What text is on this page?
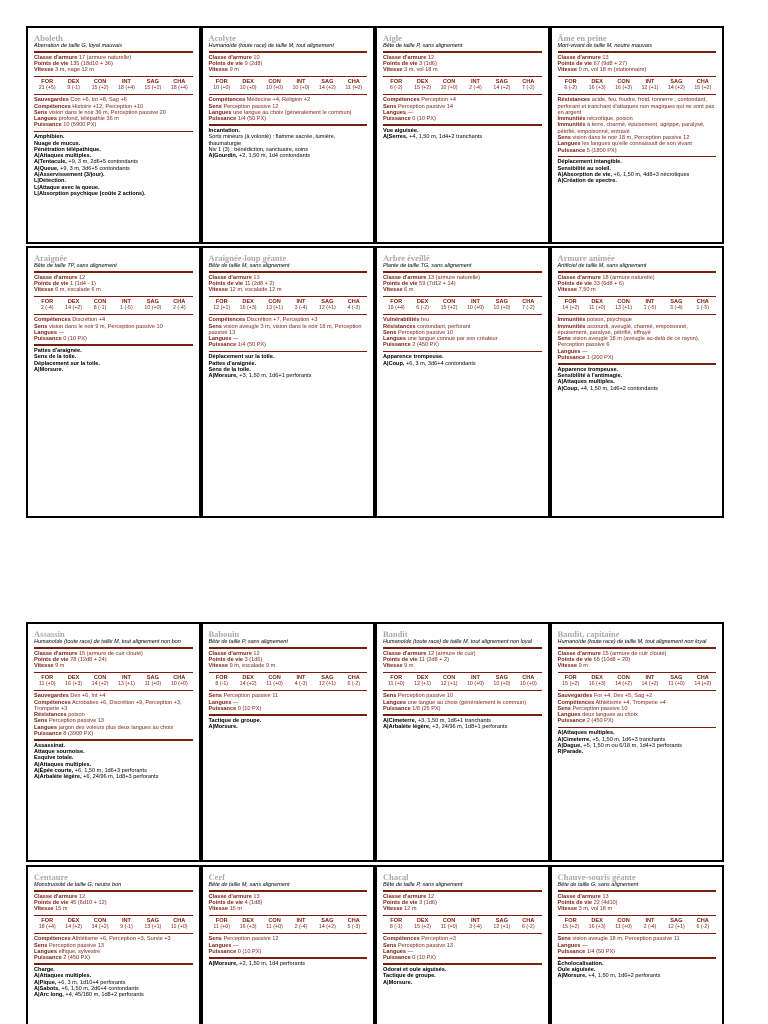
Aboleth
Aberration de taille G, loyal mauvais
Classe d'armure 17 (armure naturelle)
Points de vie 135 (18d10 + 36)
Vitesse 3 m, nage 12 m
FOR	DEX	CON	INT	SAG	CHA
21 (+5)	9 (-1)	15 (+2)	18 (+4)	15 (+2)	18 (+4)
Sauvegardes Con +6, Int +8, Sag +6
Compétences Histoire +12, Perception +10
Sens vision dans le noir 36 m, Perception passive 20
Langues profond, télépathie 36 m
Puissance 10 (5900 PX)
Amphibien.
Nuage de mucus.
Pénétration télépathique.
A|Attaques multiples.
A|Tentacule, +9, 3 m, 2d6+5 contondants
A|Queue, +9, 3 m, 3d6+5 contondants
A|Asservissement (3/jour).
L|Détection.
L|Attaque avec la queue.
L|Absorption psychique (coûte 2 actions).
Acolyte
Humanoïde (toute race) de taille M, tout alignement
Classe d'armure 10
Points de vie 9 (2d8)
Vitesse 9 m
FOR	DEX	CON	INT	SAG	CHA
10 (+0)	10 (+0)	10 (+0)	10 (+0)	14 (+2)	11 (+0)
Compétences Médecine +4, Religion +2
Sens Perception passive 12
Langues une langue au choix (généralement le commun)
Puissance 1/4 (50 PX)
Incantation.
Sorts mineurs (à volonté) : flamme sacrée, lumière, thaumaturgie
Niv 1 (3) : bénédiction, sanctuaire, soins
A|Gourdin, +2, 1,50 m, 1d4 contondants
Aigle
Bête de taille P, sans alignement
Classe d'armure 12
Points de vie 3 (1d6)
Vitesse 3 m, vol 18 m
FOR	DEX	CON	INT	SAG	CHA
6 (-2)	15 (+2)	10 (+0)	2 (-4)	14 (+2)	7 (-2)
Compétences Perception +4
Sens Perception passive 14
Langues —
Puissance 0 (10 PX)
Vue aiguisée.
A|Serres, +4, 1,50 m, 1d4+2 tranchants
Âme en peine
Mort-vivant de taille M, neutre mauvais
Classe d'armure 13
Points de vie 67 (9d8 + 27)
Vitesse 0 m, vol 18 m (stationnaire)
FOR	DEX	CON	INT	SAG	CHA
6 (-2)	16 (+3)	16 (+3)	12 (+1)	14 (+2)	15 (+2)
Résistances acide, feu, foudre, froid, tonnerre ; contondant, perforant et tranchant d'attaques non magiques qui ne sont pas en argent
Immunités nécrotique, poison
Immunités à terre, charmé, épuisement, agrippé, paralysé, pétrifié, empoisonné, entravé
Sens vision dans le noir 18 m, Perception passive 12
Langues les langues qu'elle connaissait de son vivant
Puissance 5 (1800 PX)
Déplacement intangible.
Sensibilité au soleil.
A|Absorption de vie, +6, 1,50 m, 4d8+3 nécrotiques
A|Création de spectre.
Araignée
Bête de taille TP, sans alignement
Classe d'armure 12
Points de vie 1 (1d4 - 1)
Vitesse 6 m, escalade 6 m
FOR	DEX	CON	INT	SAG	CHA
2 (-4)	14 (+2)	8 (-1)	1 (-5)	10 (+0)	2 (-4)
Compétences Discrétion +4
Sens vision dans le noir 9 m, Perception passive 10
Langues —
Puissance 0 (10 PX)
Pattes d'araignée.
Sens de la toile.
Déplacement sur la toile.
A|Morsure.
Araignée-loup géante
Bête de taille M, sans alignement
Classe d'armure 13
Points de vie 11 (2d8 + 2)
Vitesse 12 m, escalade 12 m
FOR	DEX	CON	INT	SAG	CHA
12 (+1)	16 (+3)	13 (+1)	3 (-4)	12 (+1)	4 (-3)
Compétences Discrétion +7, Perception +3
Sens vision aveugle 3 m, vision dans le noir 18 m, Perception passive 13
Langues —
Puissance 1/4 (50 PX)
Déplacement sur la toile.
Pattes d'araignée.
Sens de la toile.
A|Morsure, +3, 1,50 m, 1d6+1 perforants
Arbre éveillé
Plante de taille TG, sans alignement
Classe d'armure 13 (armure naturelle)
Points de vie 59 (7d12 + 14)
Vitesse 6 m
FOR	DEX	CON	INT	SAG	CHA
19 (+4)	6 (-2)	15 (+2)	10 (+0)	10 (+0)	7 (-2)
Vulnérabilités feu
Résistances contondant, perforant
Sens Perception passive 10
Langues une langue connue par son créateur
Puissance 2 (450 PX)
Apparence trompeuse.
A|Coup, +6, 3 m, 3d6+4 contondants
Armure animée
Artificiel de taille M, sans alignement
Classe d'armure 18 (armure naturelle)
Points de vie 33 (6d8 + 6)
Vitesse 7,50 m
FOR	DEX	CON	INT	SAG	CHA
14 (+2)	11 (+0)	13 (+1)	1 (-5)	3 (-4)	1 (-5)
Immunités poison, psychique
Immunités assourdi, aveuglé, charmé, empoisonné, épuisement, paralysé, pétrifié, effrayé
Sens vision aveugle 18 m (aveugle au-delà de ce rayon), Perception passive 6
Langues —
Puissance 1 (200 PX)
Apparence trompeuse.
Sensibilité à l'antimagie.
A|Attaques multiples.
A|Coup, +4, 1,50 m, 1d6+2 contondants
Assassin
Humanoïde (toute race) de taille M, tout alignement non bon
Classe d'armure 15 (armure de cuir clouté)
Points de vie 78 (12d8 + 24)
Vitesse 9 m
FOR	DEX	CON	INT	SAG	CHA
11 (+0)	16 (+3)	14 (+2)	13 (+1)	11 (+0)	10 (+0)
Sauvegardes Dex +6, Int +4
Compétences Acrobaties +6, Discrétion +9, Perception +3, Tromperie +3
Résistances poison
Sens Perception passive 13
Langues jargon des voleurs plus deux langues au choix
Puissance 8 (3900 PX)
Assassinat.
Attaque sournoise.
Esquive totale.
A|Attaques multiples.
A|Épée courte, +6, 1,50 m, 1d6+3 perforants
A|Arbalète légère, +6, 24/96 m, 1d8+3 perforants
Babouin
Bête de taille P, sans alignement
Classe d'armure 12
Points de vie 3 (1d6)
Vitesse 9 m, escalade 9 m
FOR	DEX	CON	INT	SAG	CHA
8 (-1)	14 (+2)	11 (+0)	4 (-3)	12 (+1)	6 (-2)
Sens Perception passive 11
Langues —
Puissance 0 (10 PX)
Tactique de groupe.
A|Morsure.
Bandit
Humanoïde (toute race) de taille M, tout alignement non loyal
Classe d'armure 12 (armure de cuir)
Points de vie 11 (2d8 + 2)
Vitesse 9 m
FOR	DEX	CON	INT	SAG	CHA
11 (+0)	12 (+1)	12 (+1)	10 (+0)	10 (+0)	10 (+0)
Sens Perception passive 10
Langues une langue au choix (généralement le commun)
Puissance 1/8 (25 PX)
A|Cimeterre, +3, 1,50 m, 1d6+1 tranchants
A|Arbalète légère, +3, 24/96 m, 1d8+1 perforants
Bandit, capitaine
Humanoïde (toute race) de taille M, tout alignement non loyal
Classe d'armure 15 (armure de cuir clouté)
Points de vie 65 (10d8 + 20)
Vitesse 9 m
FOR	DEX	CON	INT	SAG	CHA
15 (+2)	16 (+3)	14 (+2)	14 (+2)	11 (+0)	14 (+2)
Sauvegardes For +4, Dex +5, Sag +2
Compétences Athlétisme +4, Tromperie +4
Sens Perception passive 10
Langues deux langues au choix
Puissance 2 (450 PX)
A|Attaques multiples.
A|Cimeterre, +5, 1,50 m, 1d6+3 tranchants
A|Dague, +5, 1,50 m ou 6/18 m, 1d4+3 perforants
R|Parade.
Centaure
Monstruosité de taille G, neutre bon
Classe d'armure 12
Points de vie 45 (6d10 + 12)
Vitesse 15 m
FOR	DEX	CON	INT	SAG	CHA
18 (+4)	14 (+2)	14 (+2)	9 (-1)	13 (+1)	11 (+0)
Compétences Athlétisme +6, Perception +3, Survie +3
Sens Perception passive 13
Langues elfique, sylvestre
Puissance 2 (450 PX)
Charge.
A|Attaques multiples.
A|Pique, +6, 3 m, 1d10+4 perforants
A|Sabots, +6, 1,50 m, 2d6+4 contondants
A|Arc long, +4, 45/180 m, 1d8+2 perforants
Cerf
Bête de taille M, sans alignement
Classe d'armure 13
Points de vie 4 (1d8)
Vitesse 15 m
FOR	DEX	CON	INT	SAG	CHA
11 (+0)	16 (+3)	11 (+0)	2 (-4)	14 (+2)	5 (-3)
Sens Perception passive 12
Langues —
Puissance 0 (10 PX)
A|Morsure, +2, 1,50 m, 1d4 perforants
Chacal
Bête de taille P, sans alignement
Classe d'armure 12
Points de vie 3 (1d6)
Vitesse 12 m
FOR	DEX	CON	INT	SAG	CHA
8 (-1)	15 (+2)	11 (+0)	3 (-4)	12 (+1)	6 (-2)
Compétences Perception +3
Sens Perception passive 13
Langues —
Puissance 0 (10 PX)
Odorat et ouïe aiguisés.
Tactique de groupe.
A|Morsure.
Chauve-souris géante
Bête de taille G, sans alignement
Classe d'armure 13
Points de vie 22 (4d10)
Vitesse 3 m, vol 18 m
FOR	DEX	CON	INT	SAG	CHA
15 (+2)	16 (+3)	11 (+0)	2 (-4)	12 (+1)	6 (-2)
Sens vision aveugle 18 m, Perception passive 11
Langues —
Puissance 1/4 (50 PX)
Écholocalisation.
Ouïe aiguisée.
A|Morsure, +4, 1,50 m, 1d6+2 perforants
